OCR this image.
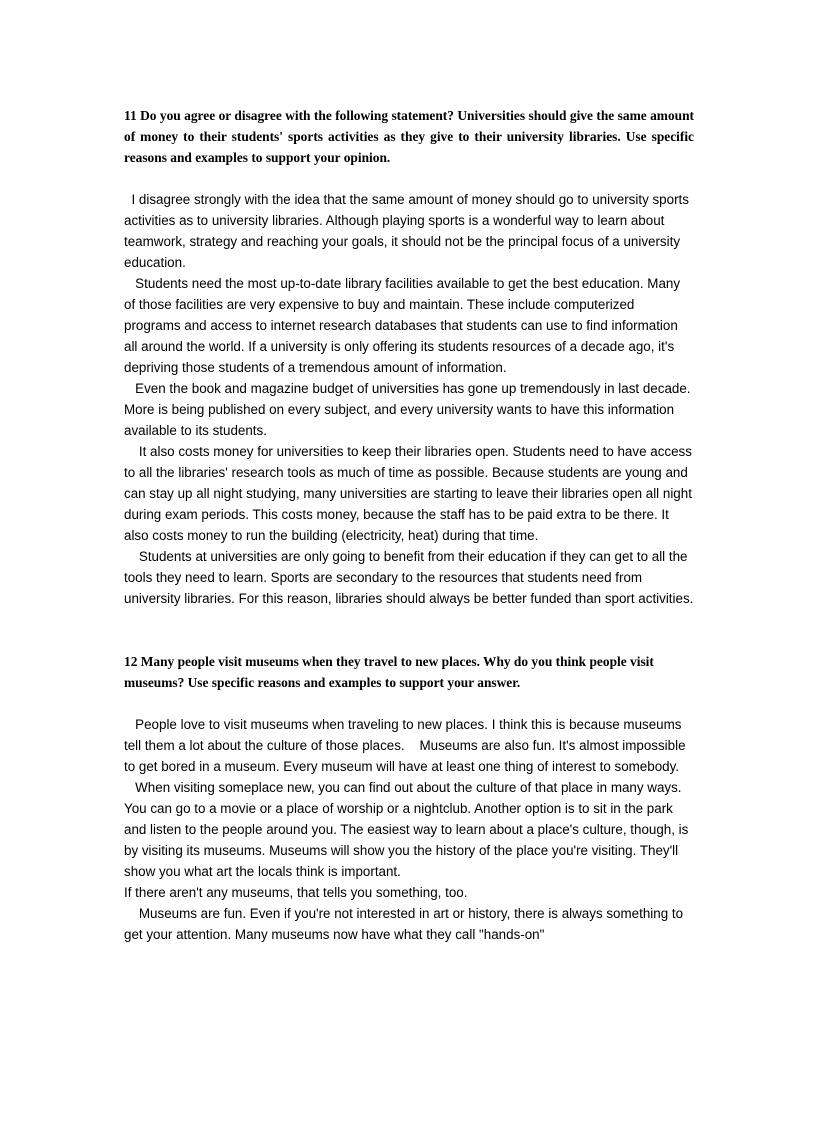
11 Do you agree or disagree with the following statement? Universities should give the same amount of money to their students' sports activities as they give to their university libraries. Use specific reasons and examples to support your opinion.

I disagree strongly with the idea that the same amount of money should go to university sports activities as to university libraries. Although playing sports is a wonderful way to learn about teamwork, strategy and reaching your goals, it should not be the principal focus of a university education.

Students need the most up-to-date library facilities available to get the best education. Many of those facilities are very expensive to buy and maintain. These include computerized programs and access to internet research databases that students can use to find information all around the world. If a university is only offering its students resources of a decade ago, it's depriving those students of a tremendous amount of information.

Even the book and magazine budget of universities has gone up tremendously in last decade. More is being published on every subject, and every university wants to have this information available to its students.

It also costs money for universities to keep their libraries open. Students need to have access to all the libraries' research tools as much of time as possible. Because students are young and can stay up all night studying, many universities are starting to leave their libraries open all night during exam periods. This costs money, because the staff has to be paid extra to be there. It also costs money to run the building (electricity, heat) during that time.

Students at universities are only going to benefit from their education if they can get to all the tools they need to learn. Sports are secondary to the resources that students need from university libraries. For this reason, libraries should always be better funded than sport activities.

12 Many people visit museums when they travel to new places. Why do you think people visit museums? Use specific reasons and examples to support your answer.

People love to visit museums when traveling to new places. I think this is because museums tell them a lot about the culture of those places.    Museums are also fun. It's almost impossible to get bored in a museum. Every museum will have at least one thing of interest to somebody.

When visiting someplace new, you can find out about the culture of that place in many ways. You can go to a movie or a place of worship or a nightclub. Another option is to sit in the park and listen to the people around you. The easiest way to learn about a place's culture, though, is by visiting its museums. Museums will show you the history of the place you're visiting. They'll show you what art the locals think is important.

If there aren't any museums, that tells you something, too.

Museums are fun. Even if you're not interested in art or history, there is always something to get your attention. Many museums now have what they call "hands-on"
